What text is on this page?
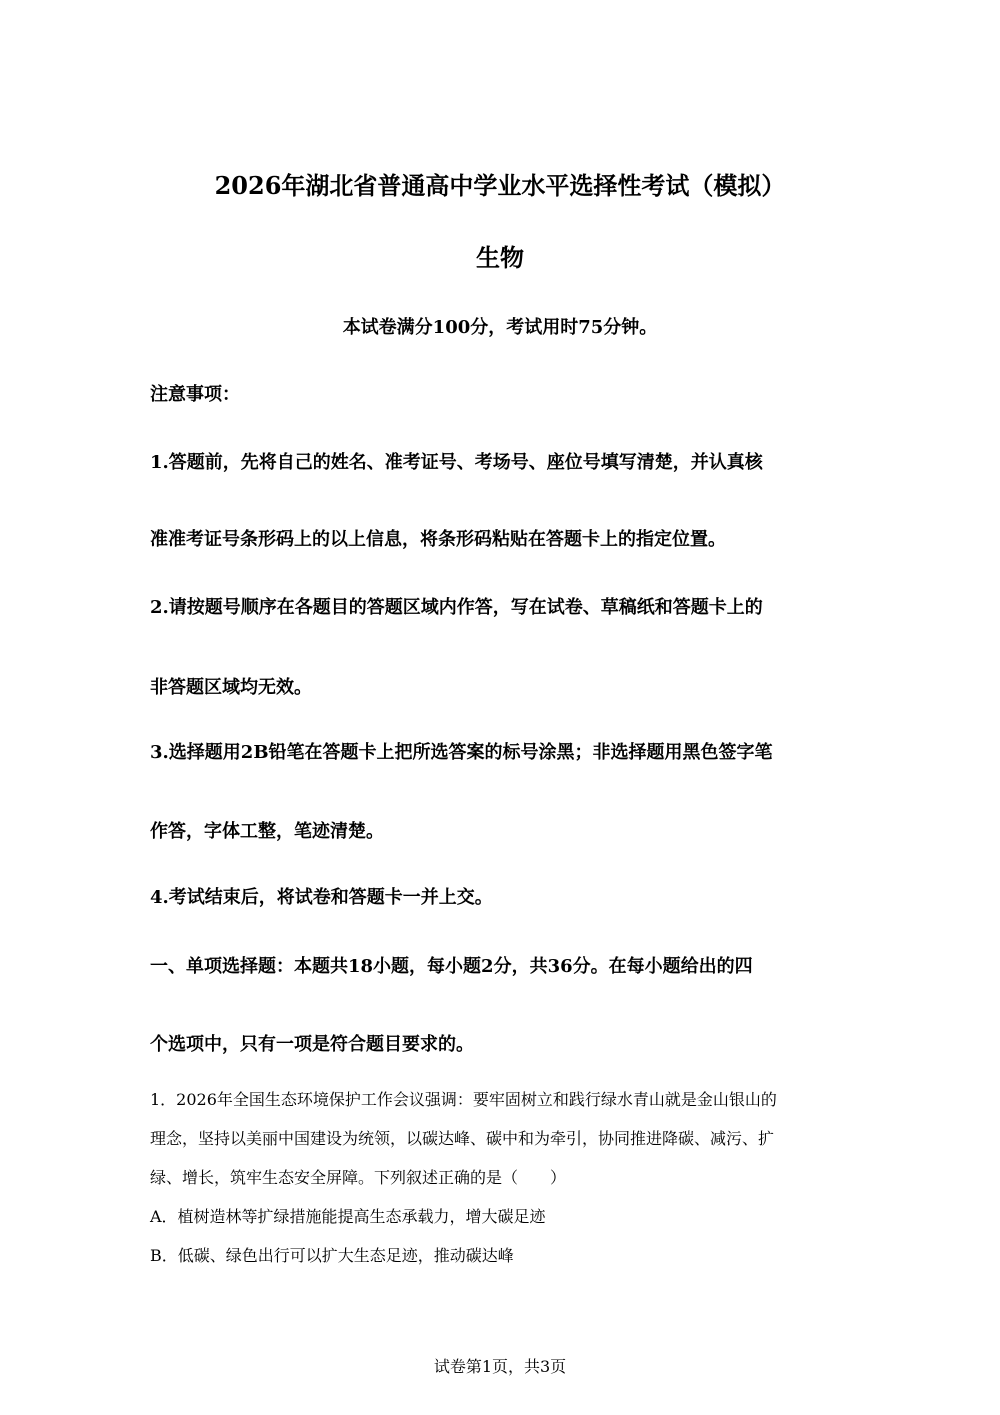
2026年湖北省普通高中学业水平选择性考试（模拟）
生物
本试卷满分100分，考试用时75分钟。
注意事项：
1.答题前，先将自己的姓名、准考证号、考场号、座位号填写清楚，并认真核
准准考证号条形码上的以上信息，将条形码粘贴在答题卡上的指定位置。
2.请按题号顺序在各题目的答题区域内作答，写在试卷、草稿纸和答题卡上的
非答题区域均无效。
3.选择题用2B铅笔在答题卡上把所选答案的标号涂黑；非选择题用黑色签字笔
作答，字体工整，笔迹清楚。
4.考试结束后，将试卷和答题卡一并上交。
一、单项选择题：本题共18小题，每小题2分，共36分。在每小题给出的四
个选项中，只有一项是符合题目要求的。
1．2026年全国生态环境保护工作会议强调：要牢固树立和践行绿水青山就是金山银山的
理念，坚持以美丽中国建设为统领，以碳达峰、碳中和为牵引，协同推进降碳、减污、扩
绿、增长，筑牢生态安全屏障。下列叙述正确的是（　　）
A．植树造林等扩绿措施能提高生态承载力，增大碳足迹
B．低碳、绿色出行可以扩大生态足迹，推动碳达峰
试卷第1页，共3页
